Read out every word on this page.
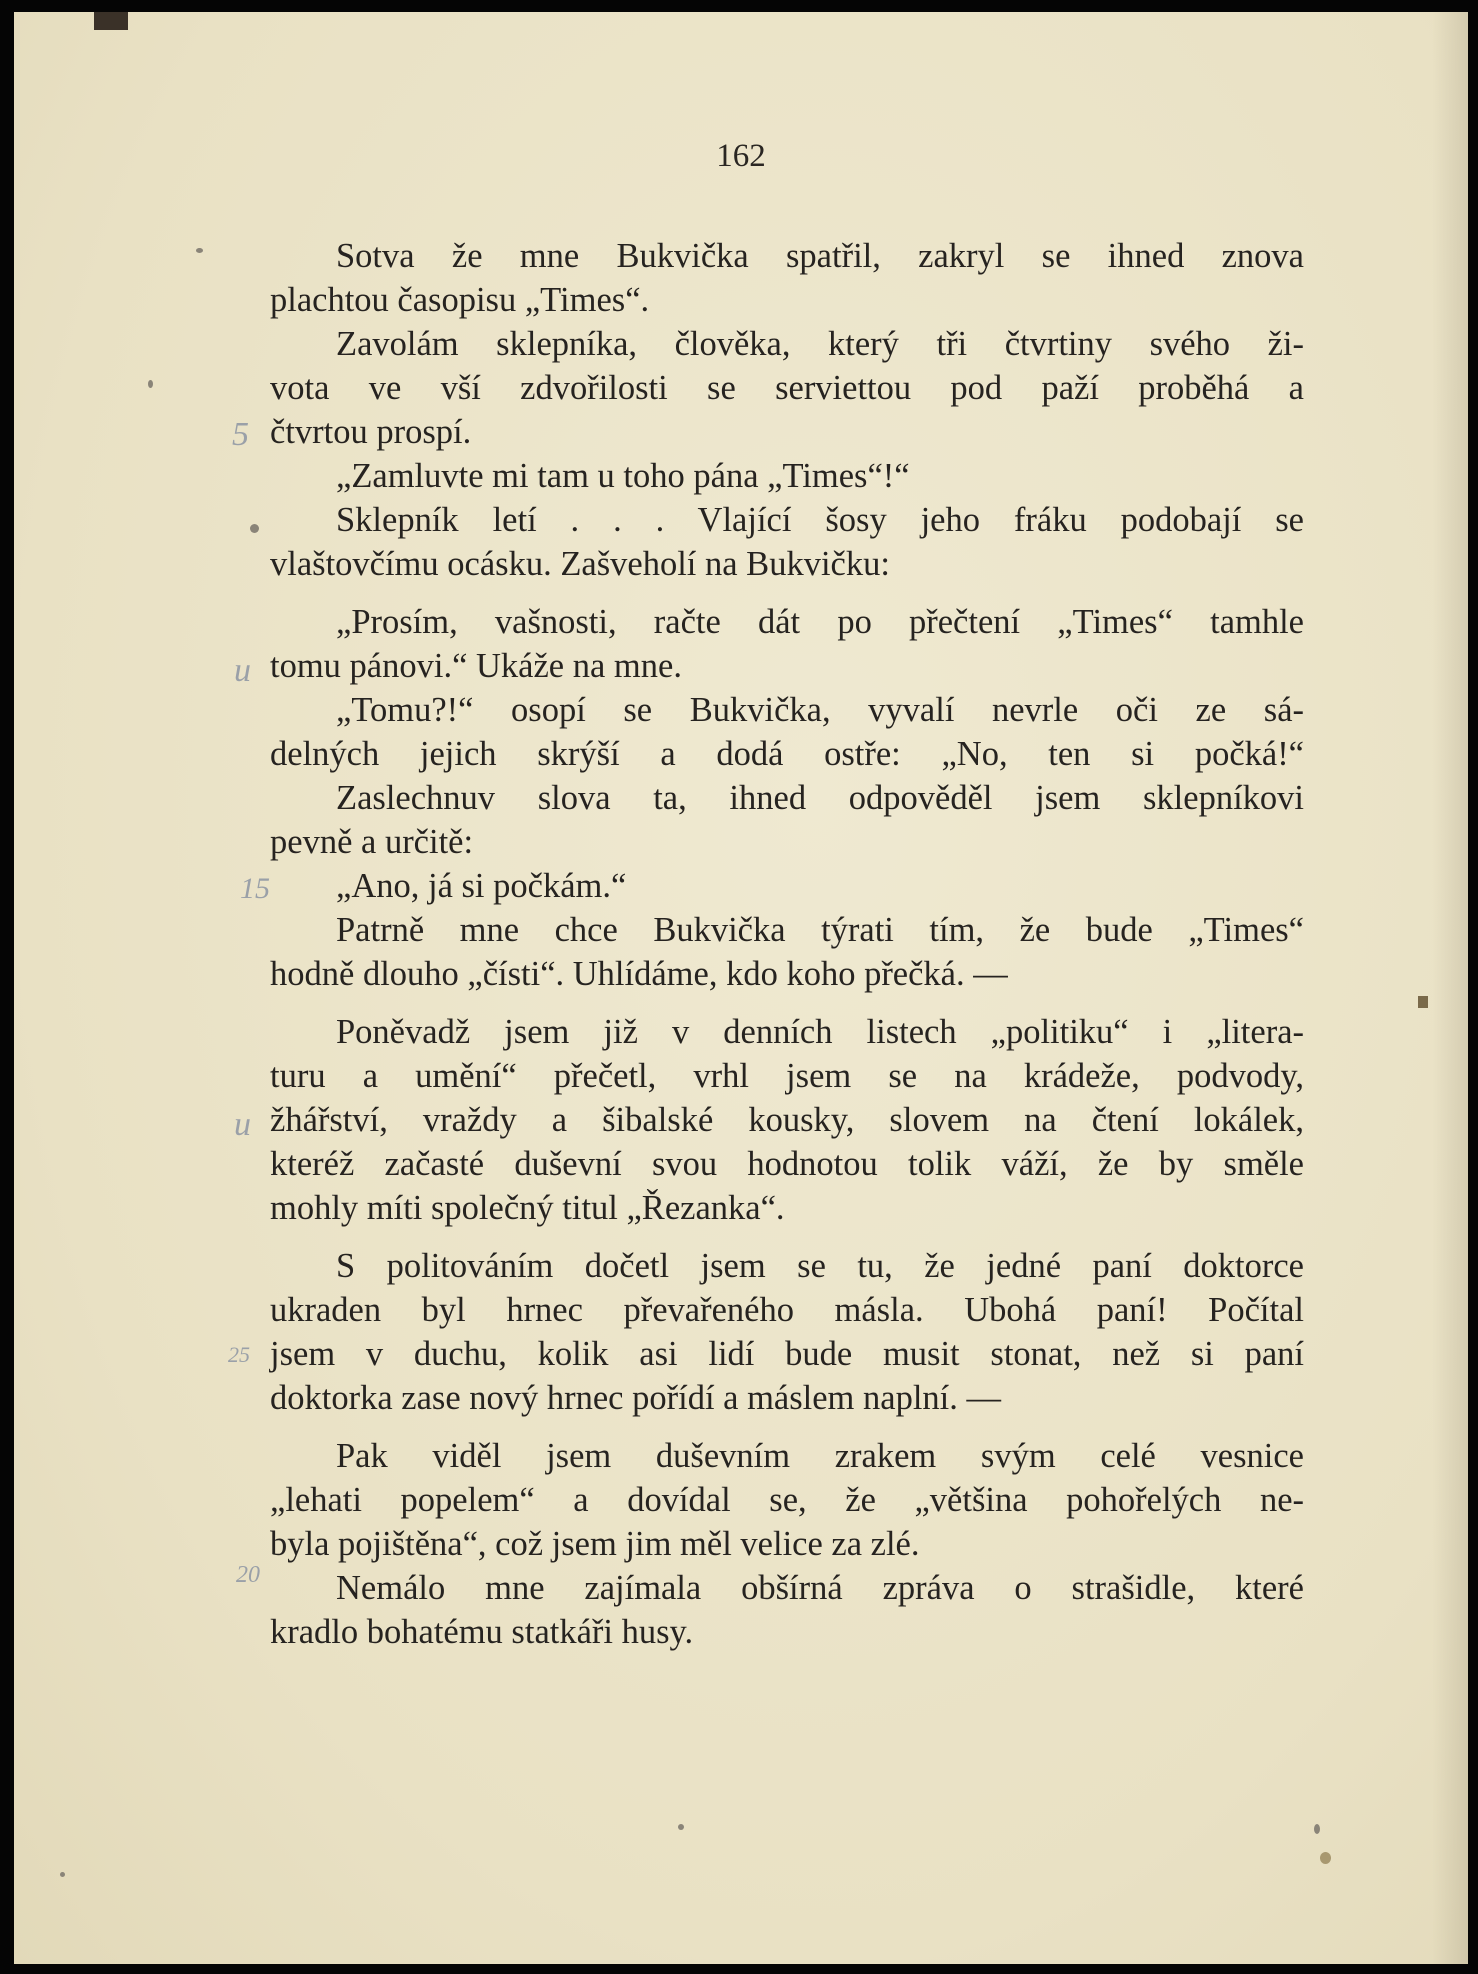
162
Sotva že mne Bukvička spatřil, zakryl se ihned znova
plachtou časopisu „Times“.
Zavolám sklepníka, člověka, který tři čtvrtiny svého ži-
vota ve vší zdvořilosti se serviettou pod paží proběhá a
čtvrtou prospí.
„Zamluvte mi tam u toho pána „Times“!“
Sklepník letí . . . Vlající šosy jeho fráku podobají se
vlaštovčímu ocásku. Zašveholí na Bukvičku:
„Prosím, vašnosti, račte dát po přečtení „Times“ tamhle
tomu pánovi.“ Ukáže na mne.
„Tomu?!“ osopí se Bukvička, vyvalí nevrle oči ze sá-
delných jejich skrýší a dodá ostře: „No, ten si počká!“
Zaslechnuv slova ta, ihned odpověděl jsem sklepníkovi
pevně a určitě:
„Ano, já si počkám.“
Patrně mne chce Bukvička týrati tím, že bude „Times“
hodně dlouho „čísti“. Uhlídáme, kdo koho přečká. —
Poněvadž jsem již v denních listech „politiku“ i „litera-
turu a umění“ přečetl, vrhl jsem se na krádeže, podvody,
žhářství, vraždy a šibalské kousky, slovem na čtení lokálek,
kteréž začasté duševní svou hodnotou tolik váží, že by směle
mohly míti společný titul „Řezanka“.
S politováním dočetl jsem se tu, že jedné paní doktorce
ukraden byl hrnec převařeného másla. Ubohá paní! Počítal
jsem v duchu, kolik asi lidí bude musit stonat, než si paní
doktorka zase nový hrnec pořídí a máslem naplní. —
Pak viděl jsem duševním zrakem svým celé vesnice
„lehati popelem“ a dovídal se, že „většina pohořelých ne-
byla pojištěna“, což jsem jim měl velice za zlé.
Nemálo mne zajímala obšírná zpráva o strašidle, které
kradlo bohatému statkáři husy.
5
u
15
u
25
20
